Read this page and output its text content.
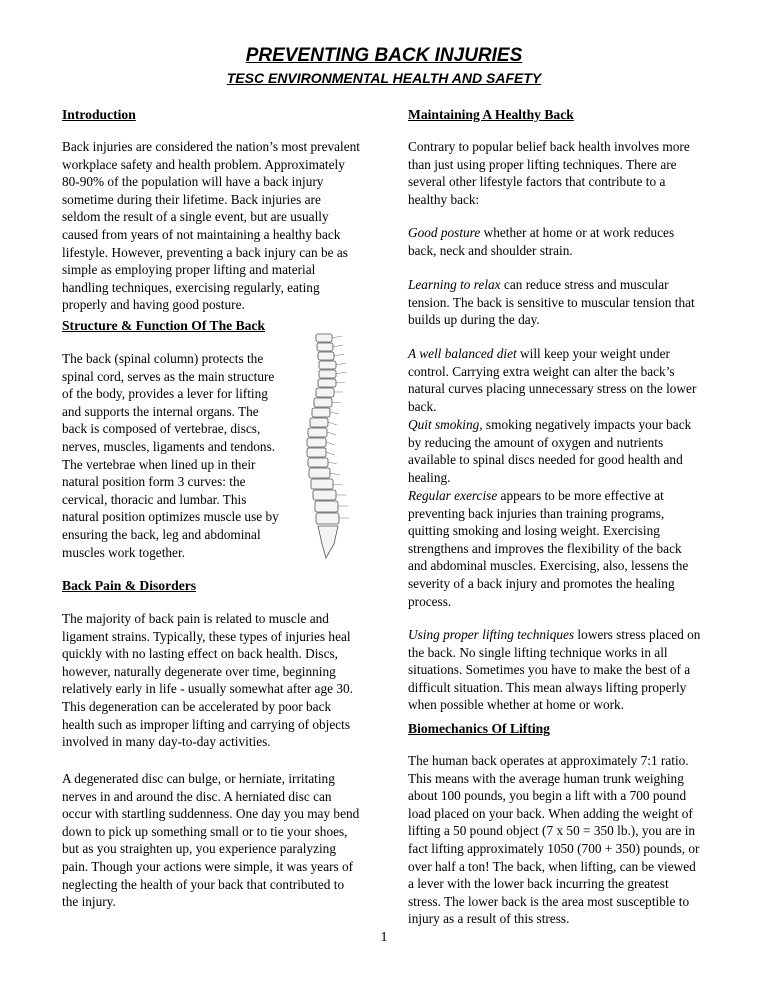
PREVENTING BACK INJURIES
TESC ENVIRONMENTAL HEALTH AND SAFETY
Introduction

Back injuries are considered the nation’s most prevalent workplace safety and health problem. Approximately 80-90% of the population will have a back injury sometime during their lifetime. Back injuries are seldom the result of a single event, but are usually caused from years of not maintaining a healthy back lifestyle. However, preventing a back injury can be as simple as employing proper lifting and material handling techniques, exercising regularly, eating properly and having good posture.

Structure & Function Of The Back

The back (spinal column) protects the spinal cord, serves as the main structure of the body, provides a lever for lifting and supports the internal organs. The back is composed of vertebrae, discs, nerves, muscles, ligaments and tendons. The vertebrae when lined up in their natural position form 3 curves: the cervical, thoracic and lumbar. This natural position optimizes muscle use by ensuring the back, leg and abdominal muscles work together.

Back Pain & Disorders

The majority of back pain is related to muscle and ligament strains. Typically, these types of injuries heal quickly with no lasting effect on back health. Discs, however, naturally degenerate over time, beginning relatively early in life - usually somewhat after age 30. This degeneration can be accelerated by poor back health such as improper lifting and carrying of objects involved in many day-to-day activities.

A degenerated disc can bulge, or herniate, irritating nerves in and around the disc. A herniated disc can occur with startling suddenness. One day you may bend down to pick up something small or to tie your shoes, but as you straighten up, you experience paralyzing pain. Though your actions were simple, it was years of neglecting the health of your back that contributed to the injury.

Maintaining A Healthy Back

Contrary to popular belief back health involves more than just using proper lifting techniques. There are several other lifestyle factors that contribute to a healthy back:

Good posture whether at home or at work reduces back, neck and shoulder strain.

Learning to relax can reduce stress and muscular tension. The back is sensitive to muscular tension that builds up during the day.

A well balanced diet will keep your weight under control. Carrying extra weight can alter the back’s natural curves placing unnecessary stress on the lower back.

Quit smoking, smoking negatively impacts your back by reducing the amount of oxygen and nutrients available to spinal discs needed for good health and healing.

Regular exercise appears to be more effective at preventing back injuries than training programs, quitting smoking and losing weight. Exercising strengthens and improves the flexibility of the back and abdominal muscles. Exercising, also, lessens the severity of a back injury and promotes the healing process.

Using proper lifting techniques lowers stress placed on the back. No single lifting technique works in all situations. Sometimes you have to make the best of a difficult situation. This mean always lifting properly when possible whether at home or work.

Biomechanics Of Lifting

The human back operates at approximately 7:1 ratio. This means with the average human trunk weighing about 100 pounds, you begin a lift with a 700 pound load placed on your back. When adding the weight of lifting a 50 pound object (7 x 50 = 350 lb.), you are in fact lifting approximately 1050 (700 + 350) pounds, or over half a ton! The back, when lifting, can be viewed a lever with the lower back incurring the greatest stress. The lower back is the area most susceptible to injury as a result of this stress.

1
